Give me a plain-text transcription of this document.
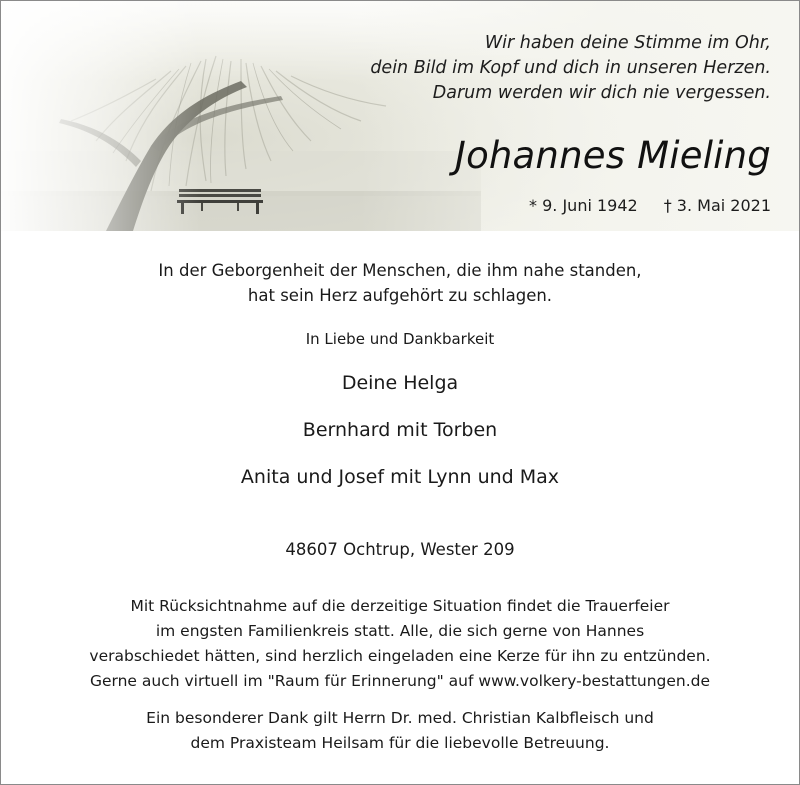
Wir haben deine Stimme im Ohr,
dein Bild im Kopf und dich in unseren Herzen.
Darum werden wir dich nie vergessen.
Johannes Mieling
* 9. Juni 1942 † 3. Mai 2021
In der Geborgenheit der Menschen, die ihm nahe standen,
hat sein Herz aufgehört zu schlagen.
In Liebe und Dankbarkeit
Deine Helga
Bernhard mit Torben
Anita und Josef mit Lynn und Max
48607 Ochtrup, Wester 209
Mit Rücksichtnahme auf die derzeitige Situation findet die Trauerfeier
im engsten Familienkreis statt. Alle, die sich gerne von Hannes
verabschiedet hätten, sind herzlich eingeladen eine Kerze für ihn zu entzünden.
Gerne auch virtuell im "Raum für Erinnerung" auf www.volkery-bestattungen.de
Ein besonderer Dank gilt Herrn Dr. med. Christian Kalbfleisch und
dem Praxisteam Heilsam für die liebevolle Betreuung.
